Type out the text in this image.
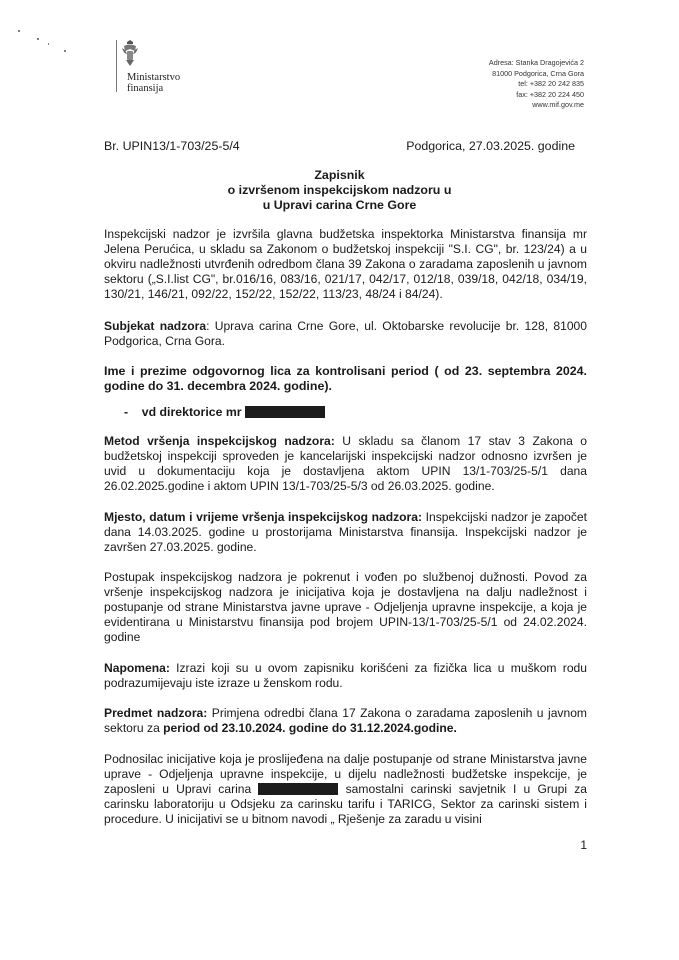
Ministarstvo
finansija
Adresa: Stanka Dragojevića 2
81000 Podgorica, Crna Gora
tel: +382 20 242 835
fax: +382 20 224 450
www.mif.gov.me
Br. UPIN13/1-703/25-5/4	Podgorica, 27.03.2025. godine
Zapisnik
o izvršenom inspekcijskom nadzoru u
u Upravi carina Crne Gore
Inspekcijski nadzor je izvršila glavna budžetska inspektorka Ministarstva finansija mr Jelena Perućica, u skladu sa Zakonom o budžetskoj inspekciji "S.I. CG", br. 123/24) a u okviru nadležnosti utvrđenih odredbom člana 39 Zakona o zaradama zaposlenih u javnom sektoru („S.I.list CG", br.016/16, 083/16, 021/17, 042/17, 012/18, 039/18, 042/18, 034/19, 130/21, 146/21, 092/22, 152/22, 152/22, 113/23, 48/24 i 84/24).
Subjekat nadzora: Uprava carina Crne Gore, ul. Oktobarske revolucije br. 128, 81000 Podgorica, Crna Gora.
Ime i prezime odgovornog lica za kontrolisani period ( od 23. septembra 2024. godine do 31. decembra 2024. godine).
- vd direktorice mr
Metod vršenja inspekcijskog nadzora: U skladu sa članom 17 stav 3 Zakona o budžetskoj inspekciji sproveden je kancelarijski inspekcijski nadzor odnosno izvršen je uvid u dokumentaciju koja je dostavljena aktom UPIN 13/1-703/25-5/1 dana 26.02.2025.godine i aktom UPIN 13/1-703/25-5/3 od 26.03.2025. godine.
Mjesto, datum i vrijeme vršenja inspekcijskog nadzora: Inspekcijski nadzor je započet dana 14.03.2025. godine u prostorijama Ministarstva finansija. Inspekcijski nadzor je završen 27.03.2025. godine.
Postupak inspekcijskog nadzora je pokrenut i vođen po službenoj dužnosti. Povod za vršenje inspekcijskog nadzora je inicijativa koja je dostavljena na dalju nadležnost i postupanje od strane Ministarstva javne uprave - Odjeljenja upravne inspekcije, a koja je evidentirana u Ministarstvu finansija pod brojem UPIN-13/1-703/25-5/1 od 24.02.2024. godine
Napomena: Izrazi koji su u ovom zapisniku korišćeni za fizička lica u muškom rodu podrazumijevaju iste izraze u ženskom rodu.
Predmet nadzora: Primjena odredbi člana 17 Zakona o zaradama zaposlenih u javnom sektoru za period od 23.10.2024. godine do 31.12.2024.godine.
Podnosilac inicijative koja je proslijeđena na dalje postupanje od strane Ministarstva javne uprave - Odjeljenja upravne inspekcije, u dijelu nadležnosti budžetske inspekcije, je zaposleni u Upravi carina	samostalni carinski savjetnik I u Grupi za carinsku laboratoriju u Odsjeku za carinsku tarifu i TARICG, Sektor za carinski sistem i procedure. U inicijativi se u bitnom navodi „ Rješenje za zaradu u visini
1
